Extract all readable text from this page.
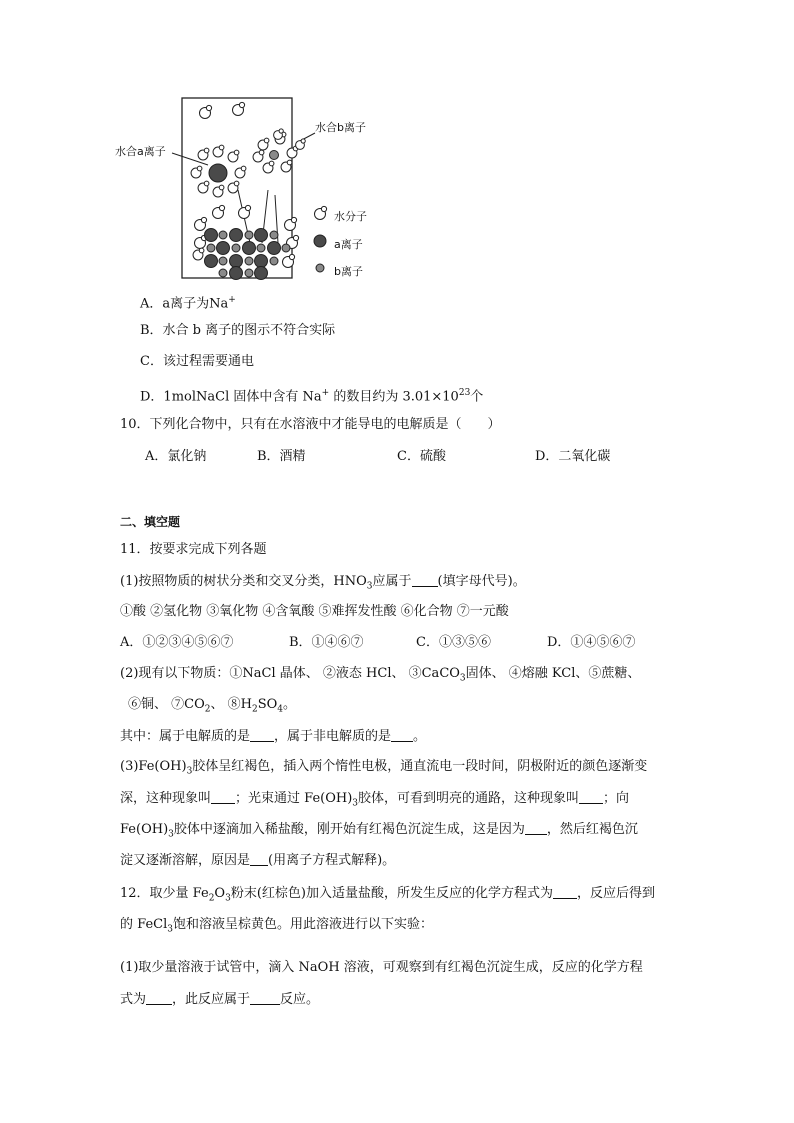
水合a离子
水合b离子
水分子
a离子
b离子
A．a离子为Na+
B．水合 b 离子的图示不符合实际
C．该过程需要通电
D．1molNaCl 固体中含有 Na+ 的数目约为 $3.01\times 10^{23}$个
10．下列化合物中，只有在水溶液中才能导电的电解质是（　　）
A．氯化钠	B．酒精	C．硫酸	D．二氧化碳
二、填空题
11．按要求完成下列各题
(1)按照物质的树状分类和交叉分类，$HNO_3$应属于 (填字母代号)。
①酸 ②氢化物 ③氧化物 ④含氧酸 ⑤难挥发性酸 ⑥化合物 ⑦一元酸
A．①②③④⑤⑥⑦	B．①④⑥⑦	C．①③⑤⑥	D．①④⑤⑥⑦
(2)现有以下物质：①NaCl 晶体、 ②液态 HCl、 ③CaCO$_3$固体、 ④熔融 KCl、⑤蔗糖、
⑥铜、 $⑦CO_2$、 $⑧H_2SO_4$。
其中：属于电解质的是 ，属于非电解质的是 。
$(3)Fe(OH)_3$胶体呈红褐色，插入两个惰性电极，通直流电一段时间，阴极附近的颜色逐渐变
深，这种现象叫 ；光束通过 $Fe(OH)_3$胶体，可看到明亮的通路，这种现象叫 ；向
$Fe(OH)_3$胶体中逐滴加入稀盐酸，刚开始有红褐色沉淀生成，这是因为 ，然后红褐色沉
淀又逐渐溶解，原因是 (用离子方程式解释)。
12．取少量 $Fe_2O_3$粉末(红棕色)加入适量盐酸，所发生反应的化学方程式为 ，反应后得到
的 FeCl$_3$饱和溶液呈棕黄色。用此溶液进行以下实验：
(1)取少量溶液于试管中，滴入 NaOH 溶液，可观察到有红褐色沉淀生成，反应的化学方程
式为 ，此反应属于 反应。
